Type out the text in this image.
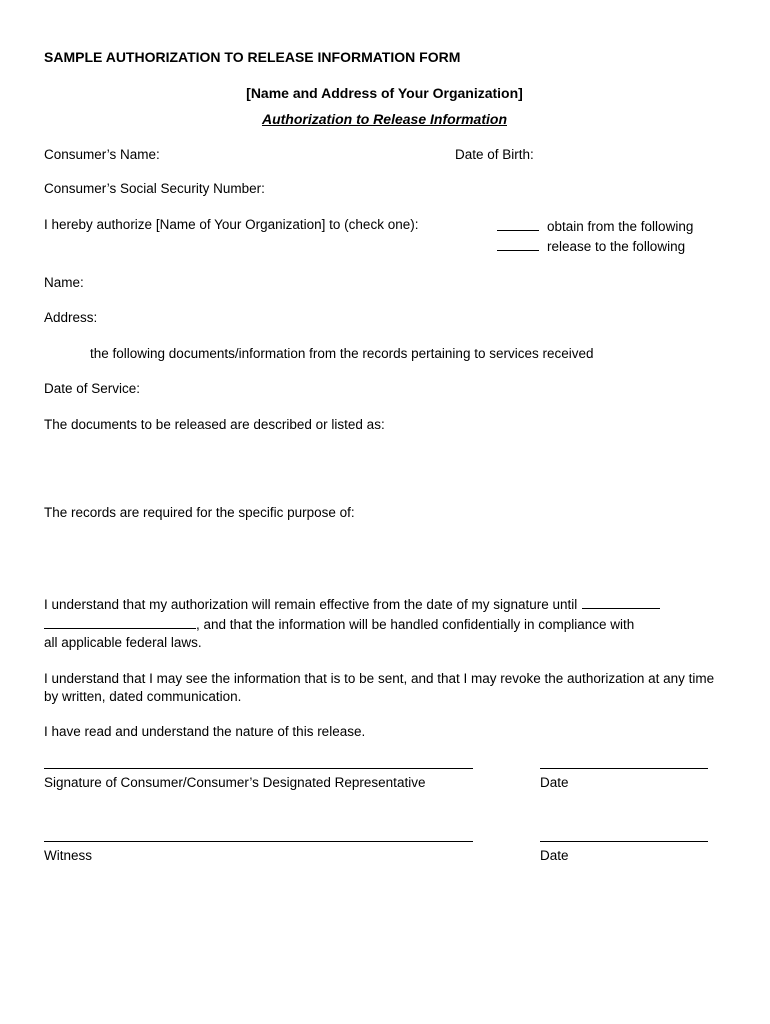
SAMPLE AUTHORIZATION TO RELEASE INFORMATION FORM
[Name and Address of Your Organization]
Authorization to Release Information
Consumer’s Name:	Date of Birth:
Consumer’s Social Security Number:
I hereby authorize [Name of Your Organization] to (check one):	obtain from the following
release to the following
Name:
Address:
the following documents/information from the records pertaining to services received
Date of Service:
The documents to be released are described or listed as:
The records are required for the specific purpose of:
I understand that my authorization will remain effective from the date of my signature until
, and that the information will be handled confidentially in compliance with
all applicable federal laws.
I understand that I may see the information that is to be sent, and that I may revoke the authorization at any time by written, dated communication.
I have read and understand the nature of this release.
Signature of Consumer/Consumer’s Designated Representative	Date
Witness	Date
